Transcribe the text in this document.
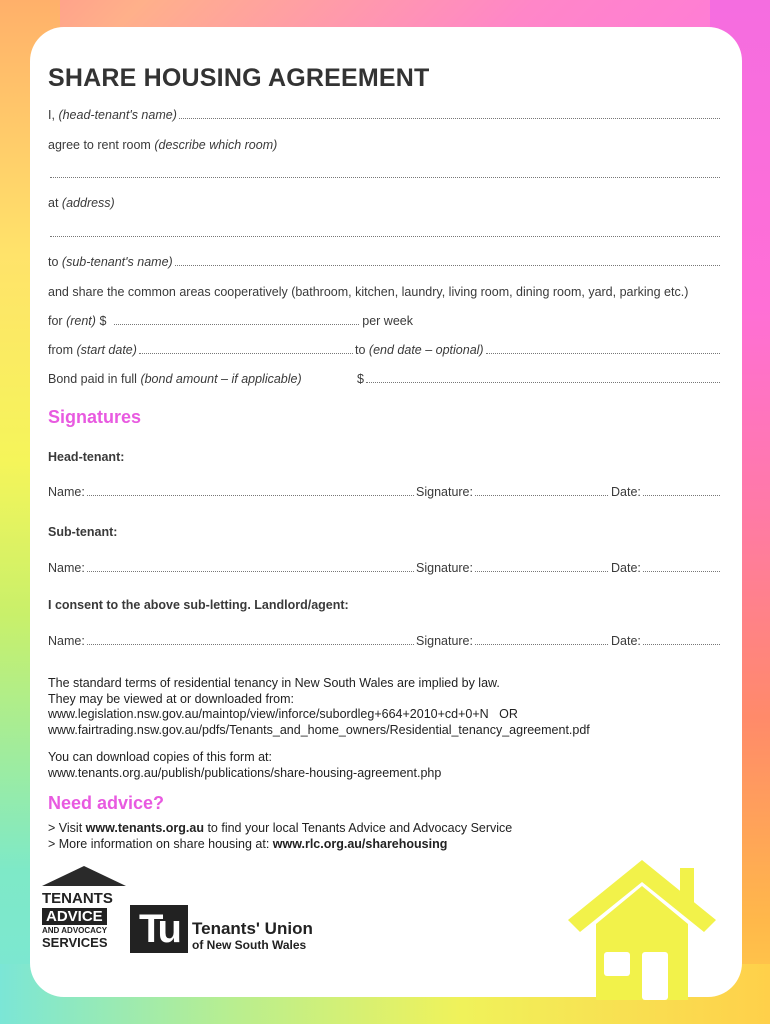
SHARE HOUSING AGREEMENT
I,
(head-tenant's name)
agree to rent room
(describe which room)
at
(address)
to
(sub-tenant's name)
and share the common areas cooperatively (bathroom, kitchen, laundry, living room, dining room, yard, parking etc.)
for
(rent)
$
	per week
from
(start date)	to
(end date – optional)
Bond paid in full
(bond amount – if applicable)	$
Signatures
Head-tenant:
Name:	Signature:	Date:
Sub-tenant:
Name:	Signature:	Date:
I consent to the above sub-letting. Landlord/agent:
Name:	Signature:	Date:
The standard terms of residential tenancy in New South Wales are implied by law.
They may be viewed at or downloaded from:
www.legislation.nsw.gov.au/maintop/view/inforce/subordleg+664+2010+cd+0+N OR
www.fairtrading.nsw.gov.au/pdfs/Tenants_and_home_owners/Residential_tenancy_agreement.pdf
You can download copies of this form at:
www.tenants.org.au/publish/publications/share-housing-agreement.php
Need advice?
> Visit www.tenants.org.au to find your local Tenants Advice and Advocacy Service
> More information on share housing at: www.rlc.org.au/sharehousing
TENANTS
ADVICE
AND ADVOCACY
SERVICES Tu Tenants' Union
of New South Wales
